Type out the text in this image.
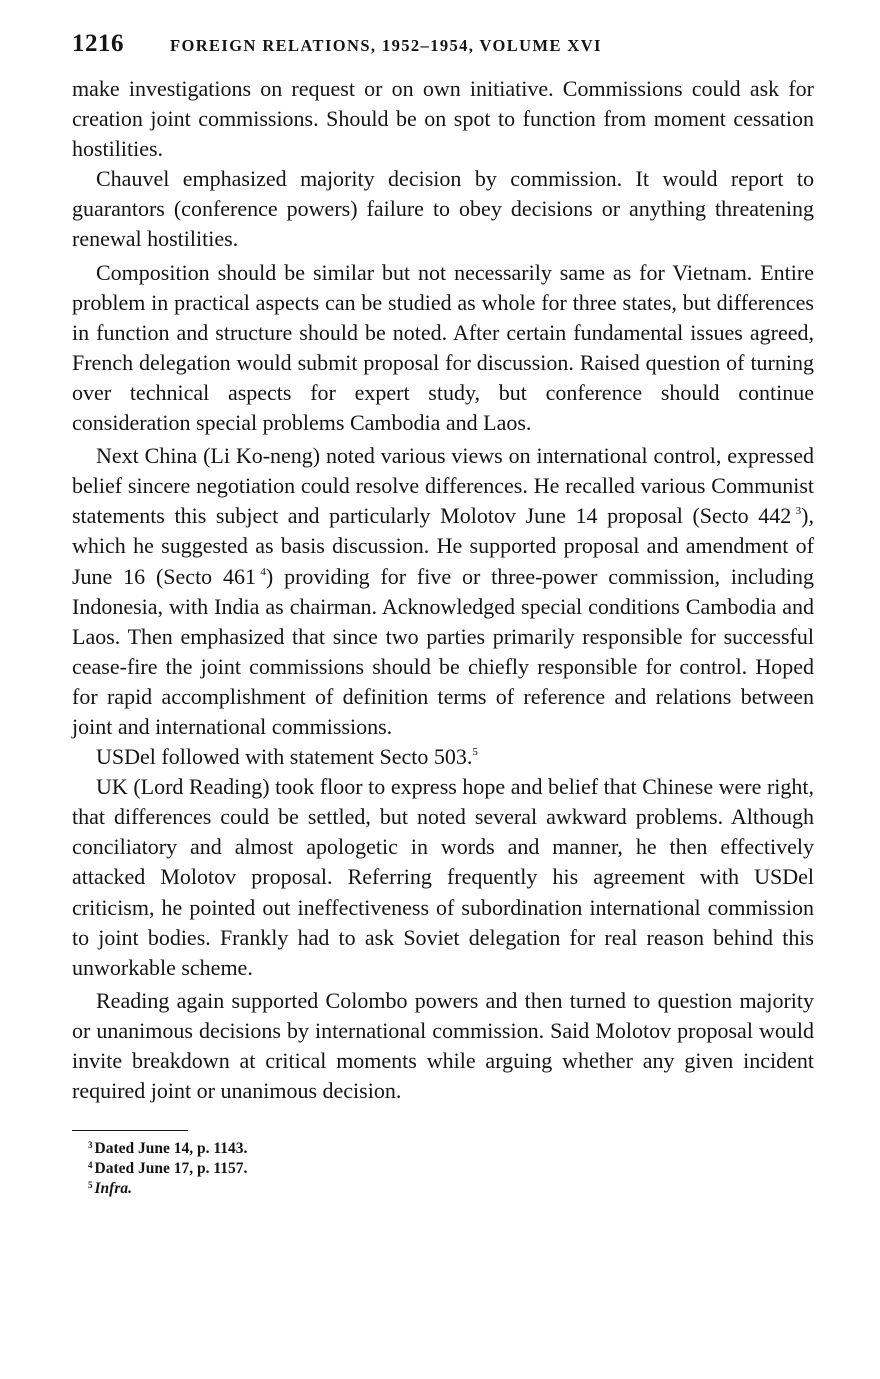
1216	FOREIGN RELATIONS, 1952–1954, VOLUME XVI

make investigations on request or on own initiative. Commissions could ask for creation joint commissions. Should be on spot to function from moment cessation hostilities.

Chauvel emphasized majority decision by commission. It would report to guarantors (conference powers) failure to obey decisions or anything threatening renewal hostilities.

Composition should be similar but not necessarily same as for Vietnam. Entire problem in practical aspects can be studied as whole for three states, but differences in function and structure should be noted. After certain fundamental issues agreed, French delegation would submit proposal for discussion. Raised question of turning over technical aspects for expert study, but conference should continue consideration special problems Cambodia and Laos.

Next China (Li Ko-neng) noted various views on international control, expressed belief sincere negotiation could resolve differences. He recalled various Communist statements this subject and particularly Molotov June 14 proposal (Secto 442  $^3$), which he suggested as basis discussion. He supported proposal and amendment of June 16 (Secto 461  $^4$) providing for five or three-power commission, including Indonesia, with India as chairman. Acknowledged special conditions Cambodia and Laos. Then emphasized that since two parties primarily responsible for successful cease-fire the joint commissions should be chiefly responsible for control. Hoped for rapid accomplishment of definition terms of reference and relations between joint and international commissions.

USDel followed with statement Secto 503.$^5$

UK (Lord Reading) took floor to express hope and belief that Chinese were right, that differences could be settled, but noted several awkward problems. Although conciliatory and almost apologetic in words and manner, he then effectively attacked Molotov proposal. Referring frequently his agreement with USDel criticism, he pointed out ineffectiveness of subordination international commission to joint bodies. Frankly had to ask Soviet delegation for real reason behind this unworkable scheme.

Reading again supported Colombo powers and then turned to question majority or unanimous decisions by international commission. Said Molotov proposal would invite breakdown at critical moments while arguing whether any given incident required joint or unanimous decision.

$^3$ Dated June 14, p. 1143.
$^4$ Dated June 17, p. 1157.
$^5$ Infra.
